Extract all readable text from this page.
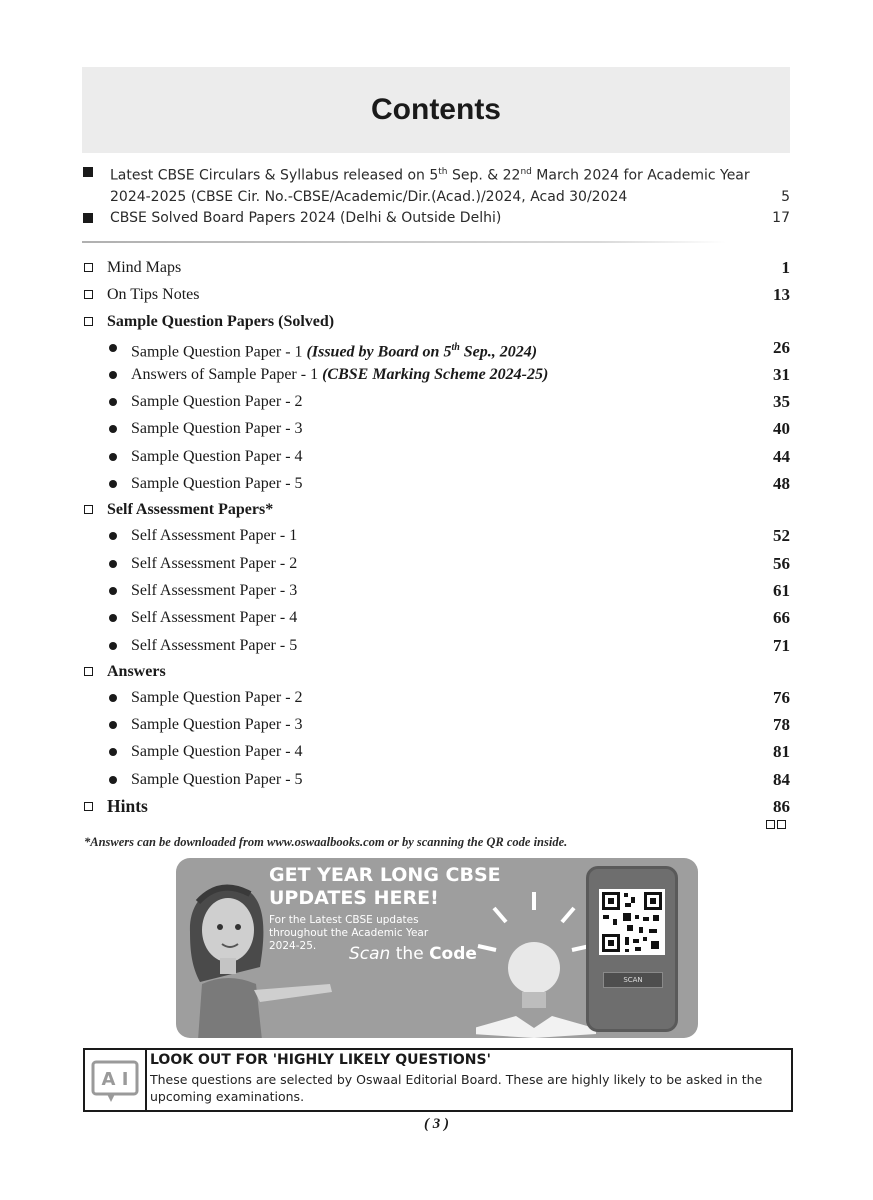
Contents
Latest CBSE Circulars & Syllabus released on 5th Sep. & 22nd March 2024 for Academic Year 2024-2025 (CBSE Cir. No.-CBSE/Academic/Dir.(Acad.)/2024, Acad 30/2024	5
CBSE Solved Board Papers 2024 (Delhi & Outside Delhi)	17
Mind Maps	1
On Tips Notes	13
Sample Question Papers (Solved)
Sample Question Paper - 1 (Issued by Board on 5th Sep., 2024)	26
Answers of Sample Paper - 1 (CBSE Marking Scheme 2024-25)	31
Sample Question Paper - 2	35
Sample Question Paper - 3	40
Sample Question Paper - 4	44
Sample Question Paper - 5	48
Self Assessment Papers*
Self Assessment Paper - 1	52
Self Assessment Paper - 2	56
Self Assessment Paper - 3	61
Self Assessment Paper - 4	66
Self Assessment Paper - 5	71
Answers
Sample Question Paper - 2	76
Sample Question Paper - 3	78
Sample Question Paper - 4	81
Sample Question Paper - 5	84
Hints	86
*Answers can be downloaded from www.oswaalbooks.com or by scanning the QR code inside.
GET YEAR LONG CBSE
UPDATES HERE!
For the Latest CBSE updates
throughout the Academic Year
2024-25.	Scan the Code
SCAN
A I
LOOK OUT FOR 'HIGHLY LIKELY QUESTIONS'
These questions are selected by Oswaal Editorial Board. These are highly likely to be asked in the upcoming examinations.
( 3 )
